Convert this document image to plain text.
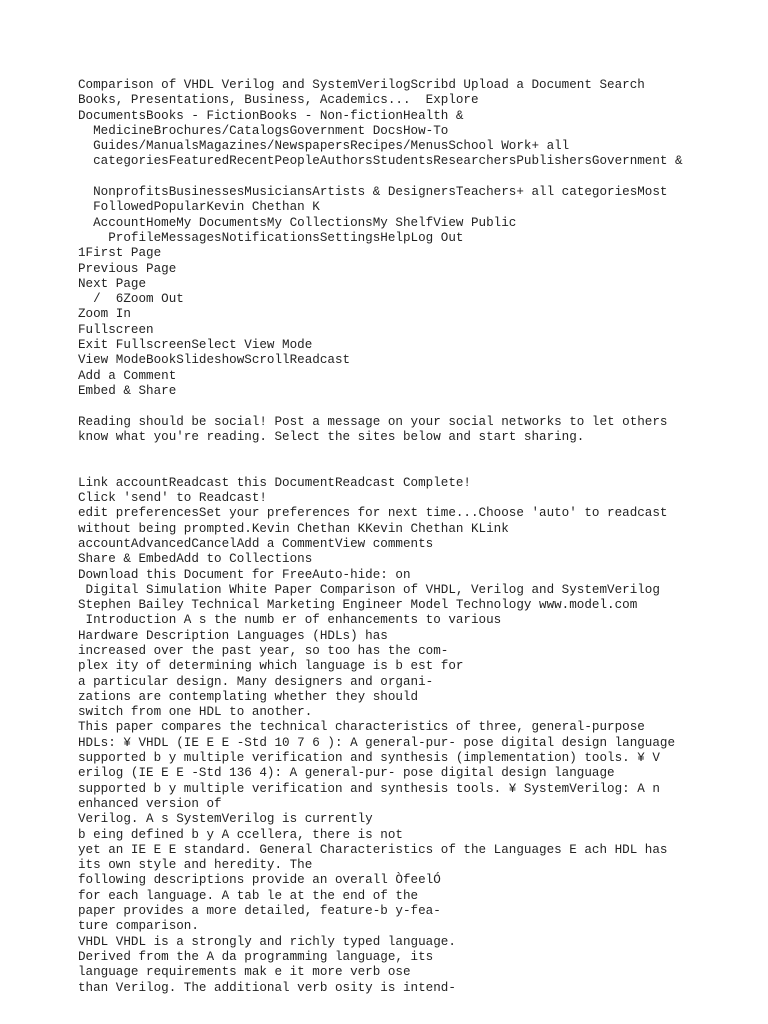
Comparison of VHDL Verilog and SystemVerilogScribd Upload a Document Search
Books, Presentations, Business, Academics...  Explore
DocumentsBooks - FictionBooks - Non-fictionHealth &
MedicineBrochures/CatalogsGovernment DocsHow-To
Guides/ManualsMagazines/NewspapersRecipes/MenusSchool Work+ all
categoriesFeaturedRecentPeopleAuthorsStudentsResearchersPublishersGovernment &

NonprofitsBusinessesMusiciansArtists & DesignersTeachers+ all categoriesMost
FollowedPopularKevin Chethan K
AccountHomeMy DocumentsMy CollectionsMy ShelfView Public
ProfileMessagesNotificationsSettingsHelpLog Out
1First Page
Previous Page
Next Page
/  6Zoom Out
Zoom In
Fullscreen
Exit FullscreenSelect View Mode
View ModeBookSlideshowScrollReadcast
Add a Comment
Embed & Share
Reading should be social! Post a message on your social networks to let others
know what you're reading. Select the sites below and start sharing.
Link accountReadcast this DocumentReadcast Complete!
Click 'send' to Readcast!
edit preferencesSet your preferences for next time...Choose 'auto' to readcast
without being prompted.Kevin Chethan KKevin Chethan KLink
accountAdvancedCancelAdd a CommentView comments
Share & EmbedAdd to Collections
Download this Document for FreeAuto-hide: on
Digital Simulation White Paper Comparison of VHDL, Verilog and SystemVerilog
Stephen Bailey Technical Marketing Engineer Model Technology www.model.com
Introduction A s the numb er of enhancements to various
Hardware Description Languages (HDLs) has
increased over the past year, so too has the com-
plex ity of determining which language is b est for
a particular design. Many designers and organi-
zations are contemplating whether they should
switch from one HDL to another.
This paper compares the technical characteristics of three, general-purpose
HDLs: ¥ VHDL (IE E E -Std 10 7 6 ): A general-pur- pose digital design language
supported b y multiple verification and synthesis (implementation) tools. ¥ V
erilog (IE E E -Std 136 4): A general-pur- pose digital design language
supported b y multiple verification and synthesis tools. ¥ SystemVerilog: A n
enhanced version of
Verilog. A s SystemVerilog is currently
b eing defined b y A ccellera, there is not
yet an IE E E standard. General Characteristics of the Languages E ach HDL has
its own style and heredity. The
following descriptions provide an overall ÒfeelÓ
for each language. A tab le at the end of the
paper provides a more detailed, feature-b y-fea-
ture comparison.
VHDL VHDL is a strongly and richly typed language.
Derived from the A da programming language, its
language requirements mak e it more verb ose
than Verilog. The additional verb osity is intend-
